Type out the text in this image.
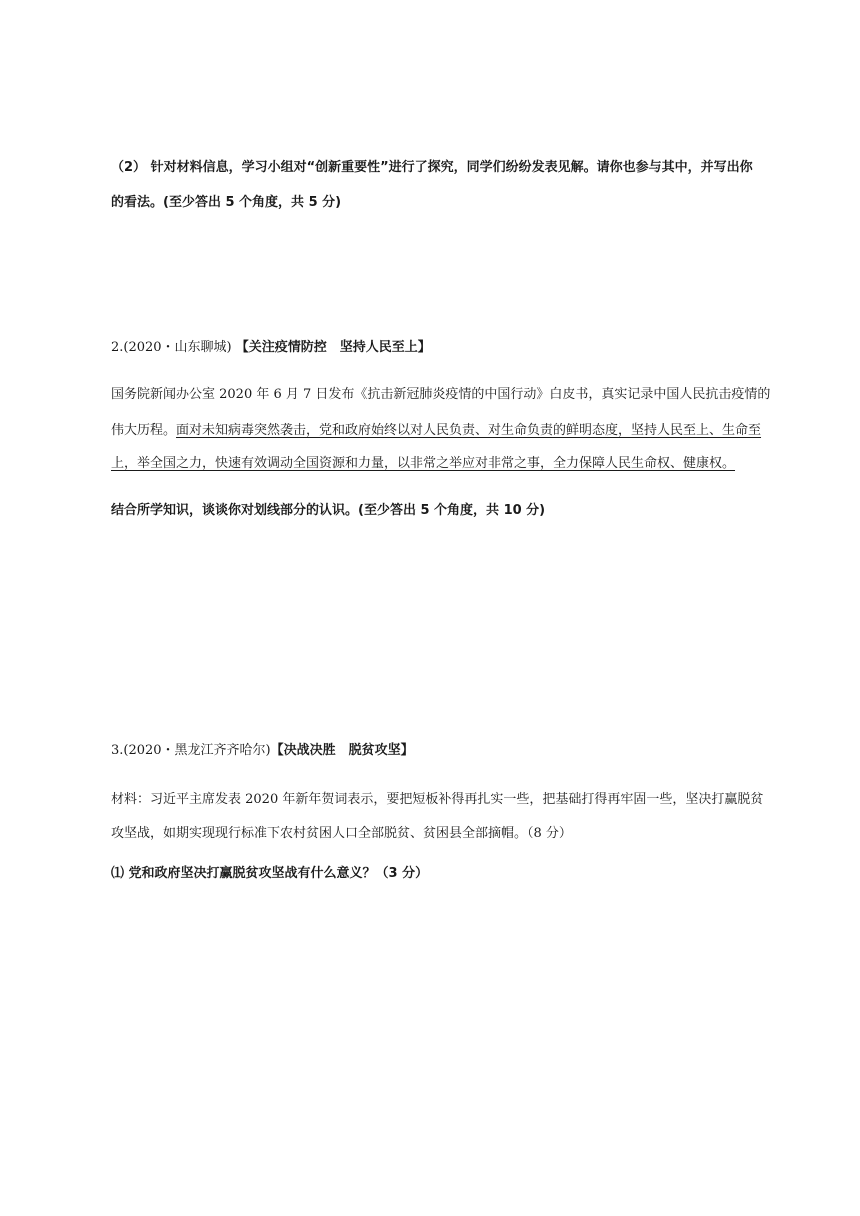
（2） 针对材料信息，学习小组对“创新重要性”进行了探究，同学们纷纷发表见解。请你也参与其中，并写出你
的看法。(至少答出 5 个角度，共 5 分)
2.(2020・山东聊城) 【关注疫情防控　坚持人民至上】
国务院新闻办公室 2020 年 6 月 7 日发布《抗击新冠肺炎疫情的中国行动》白皮书，真实记录中国人民抗击疫情的
伟大历程。面对未知病毒突然袭击，党和政府始终以对人民负责、对生命负责的鲜明态度，坚持人民至上、生命至
上，举全国之力，快速有效调动全国资源和力量，以非常之举应对非常之事，全力保障人民生命权、健康权。
结合所学知识，谈谈你对划线部分的认识。(至少答出 5 个角度，共 10 分)
3.(2020・黑龙江齐齐哈尔)【决战决胜　脱贫攻坚】
材料：习近平主席发表 2020 年新年贺词表示，要把短板补得再扎实一些，把基础打得再牢固一些，坚决打赢脱贫
攻坚战，如期实现现行标准下农村贫困人口全部脱贫、贫困县全部摘帽。（8 分）
⑴ 党和政府坚决打赢脱贫攻坚战有什么意义？（3 分）
